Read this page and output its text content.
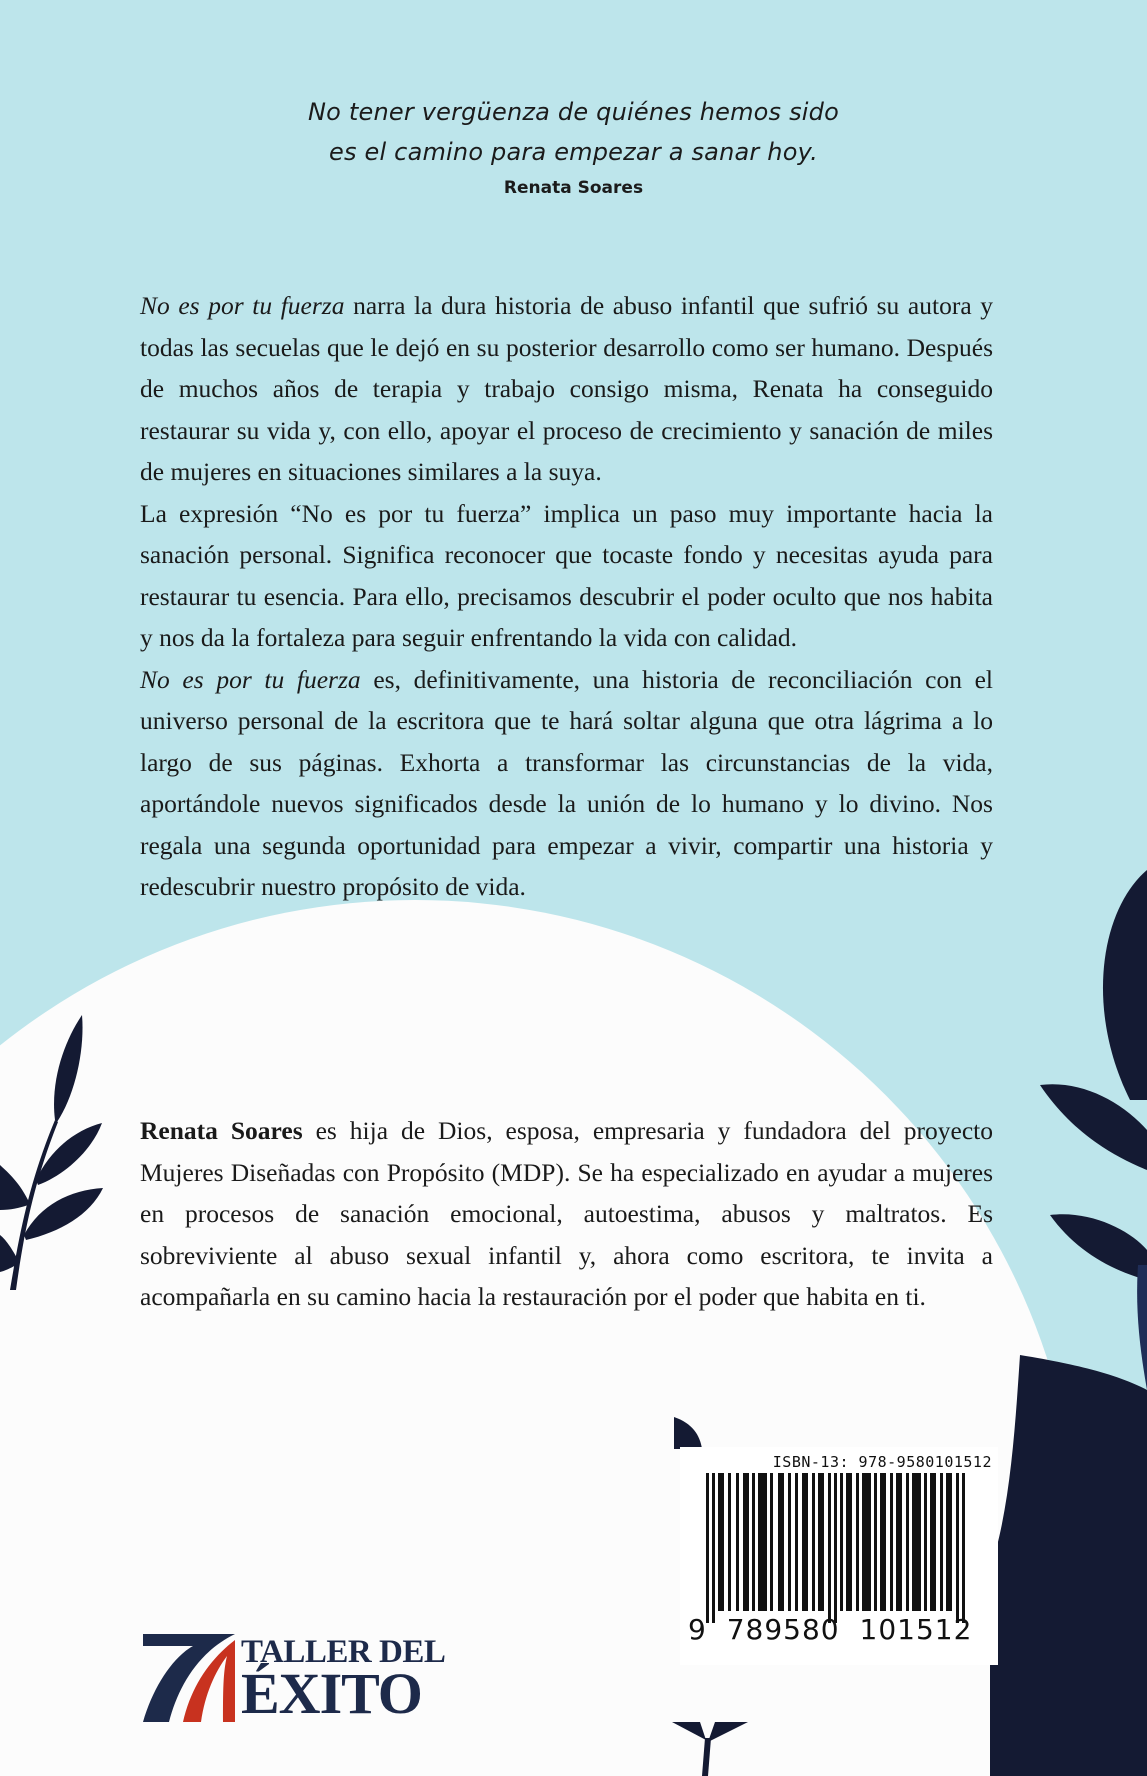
No tener vergüenza de quiénes hemos sido
es el camino para empezar a sanar hoy.
Renata Soares

No es por tu fuerza narra la dura historia de abuso infantil que sufrió su autora y todas las secuelas que le dejó en su posterior desarrollo como ser humano. Después de muchos años de terapia y trabajo consigo misma, Renata ha conseguido restaurar su vida y, con ello, apoyar el proceso de crecimiento y sanación de miles de mujeres en situaciones similares a la suya.

La expresión “No es por tu fuerza” implica un paso muy importante hacia la sanación personal. Significa reconocer que tocaste fondo y necesitas ayuda para restaurar tu esencia. Para ello, precisamos descubrir el poder oculto que nos habita y nos da la fortaleza para seguir enfrentando la vida con calidad.

No es por tu fuerza es, definitivamente, una historia de reconciliación con el universo personal de la escritora que te hará soltar alguna que otra lágrima a lo largo de sus páginas. Exhorta a transformar las circunstancias de la vida, aportándole nuevos significados desde la unión de lo humano y lo divino. Nos regala una segunda oportunidad para empezar a vivir, compartir una historia y redescubrir nuestro propósito de vida.

Renata Soares es hija de Dios, esposa, empresaria y fundadora del proyecto Mujeres Diseñadas con Propósito (MDP). Se ha especializado en ayudar a mujeres en procesos de sanación emocional, autoestima, abusos y maltratos. Es sobreviviente al abuso sexual infantil y, ahora como escritora, te invita a acompañarla en su camino hacia la restauración por el poder que habita en ti.

ISBN-13: 978-9580101512
9 789580 101512
TALLER DEL
ÉXITO
